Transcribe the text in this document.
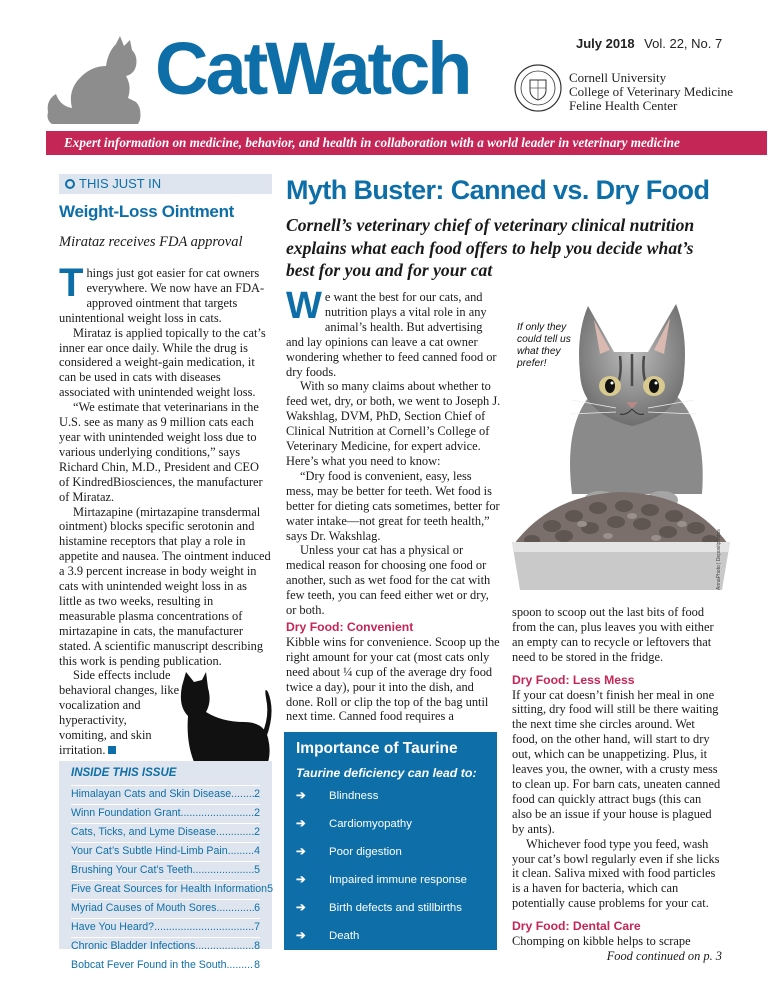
CatWatch	July 2018 Vol. 22, No. 7
Cornell University
College of Veterinary Medicine
Feline Health Center
Expert information on medicine, behavior, and health in collaboration with a world leader in veterinary medicine
THIS JUST IN
Weight-Loss Ointment
Mirataz receives FDA approval

Things just got easier for cat owners everywhere. We now have an FDA-approved ointment that targets unintentional weight loss in cats.

Mirataz is applied topically to the cat’s inner ear once daily. While the drug is considered a weight-gain medication, it can be used in cats with diseases associated with unintended weight loss.

“We estimate that veterinarians in the U.S. see as many as 9 million cats each year with unintended weight loss due to various underlying conditions,” says Richard Chin, M.D., President and CEO of KindredBiosciences, the manufacturer of Mirataz.

Mirtazapine (mirtazapine transdermal ointment) blocks specific serotonin and histamine receptors that play a role in appetite and nausea. The ointment induced a 3.9 percent increase in body weight in cats with unintended weight loss in as little as two weeks, resulting in measurable plasma concentrations of mirtazapine in cats, the manufacturer stated. A scientific manuscript describing this work is pending publication.

Side effects include behavioral changes, like vocalization and hyperactivity, vomiting, and skin irritation.

INSIDE THIS ISSUE
Himalayan Cats and Skin Disease ..... 2
Winn Foundation Grant .....	2
Cats, Ticks, and Lyme Disease .....	2
Your Cat’s Subtle Hind-Limb Pain ..... 4
Brushing Your Cat’s Teeth .....	5
Five Great Sources for Health Information 5
Myriad Causes of Mouth Sores .....	6
Have You Heard? .....	7
Chronic Bladder Infections .....	8
Bobcat Fever Found in the South .....	8
Myth Buster: Canned vs. Dry Food
Cornell’s veterinary chief of veterinary clinical nutrition explains what each food offers to help you decide what’s best for you and for your cat

We want the best for our cats, and nutrition plays a vital role in any animal’s health. But advertising and lay opinions can leave a cat owner wondering whether to feed canned food or dry foods.

With so many claims about whether to feed wet, dry, or both, we went to Joseph J. Wakshlag, DVM, PhD, Section Chief of Clinical Nutrition at Cornell’s College of Veterinary Medicine, for expert advice. Here’s what you need to know:

“Dry food is convenient, easy, less mess, may be better for teeth. Wet food is better for dieting cats sometimes, better for water intake—not great for teeth health,” says Dr. Wakshlag.

Unless your cat has a physical or medical reason for choosing one food or another, such as wet food for the cat with few teeth, you can feed either wet or dry, or both.

Dry Food: Convenient

Kibble wins for convenience. Scoop up the right amount for your cat (most cats only need about ¼ cup of the average dry food twice a day), pour it into the dish, and done. Roll or clip the top of the bag until next time. Canned food requires a

If only they could tell us what they prefer!
AnnaPhoto | Depositphotos

spoon to scoop out the last bits of food from the can, plus leaves you with either an empty can to recycle or leftovers that need to be stored in the fridge.

Dry Food: Less Mess

If your cat doesn’t finish her meal in one sitting, dry food will still be there waiting the next time she circles around. Wet food, on the other hand, will start to dry out, which can be unappetizing. Plus, it leaves you, the owner, with a crusty mess to clean up. For barn cats, uneaten canned food can quickly attract bugs (this can also be an issue if your house is plagued by ants).

Whichever food type you feed, wash your cat’s bowl regularly even if she licks it clean. Saliva mixed with food particles is a haven for bacteria, which can potentially cause problems for your cat.

Dry Food: Dental Care

Chomping on kibble helps to scrape

Food continued on p. 3
Importance of Taurine
Taurine deficiency can lead to:
➔	Blindness
➔	Cardiomyopathy
➔	Poor digestion
➔	Impaired immune response
➔	Birth defects and stillbirths
➔	Death
